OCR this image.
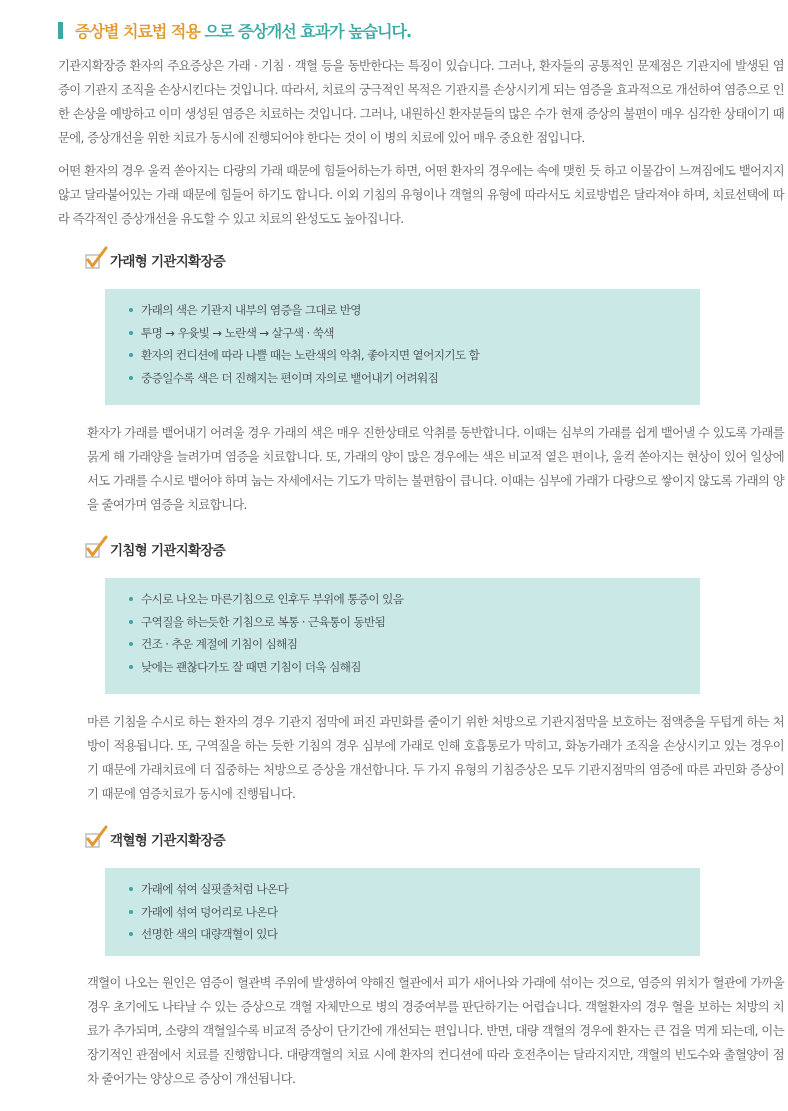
증상별 치료법 적용 으로 증상개선 효과가 높습니다.

기관지확장증 환자의 주요증상은 가래 · 기침 · 객혈 등을 동반한다는 특징이 있습니다. 그러나, 환자들의 공통적인 문제점은 기관지에 발생된 염증이 기관지 조직을 손상시킨다는 것입니다. 따라서, 치료의 궁극적인 목적은 기관지를 손상시키게 되는 염증을 효과적으로 개선하여 염증으로 인한 손상을 예방하고 이미 생성된 염증은 치료하는 것입니다. 그러나, 내원하신 환자분들의 많은 수가 현재 증상의 불편이 매우 심각한 상태이기 때문에, 증상개선을 위한 치료가 동시에 진행되어야 한다는 것이 이 병의 치료에 있어 매우 중요한 점입니다.

어떤 환자의 경우 울컥 쏟아지는 다량의 가래 때문에 힘들어하는가 하면, 어떤 환자의 경우에는 속에 맺힌 듯 하고 이물감이 느껴짐에도 뱉어지지 않고 달라붙어있는 가래 때문에 힘들어 하기도 합니다. 이외 기침의 유형이나 객혈의 유형에 따라서도 치료방법은 달라져야 하며, 치료선택에 따라 즉각적인 증상개선을 유도할 수 있고 치료의 완성도도 높아집니다.

가래형 기관지확장증
가래의 색은 기관지 내부의 염증을 그대로 반영
투명 → 우윳빛 → 노란색 → 살구색 · 쑥색
환자의 컨디션에 따라 나쁠 때는 노란색의 악취, 좋아지면 옅어지기도 함
중증일수록 색은 더 진해지는 편이며 자의로 뱉어내기 어려워짐

환자가 가래를 뱉어내기 어려울 경우 가래의 색은 매우 진한상태로 악취를 동반합니다. 이때는 심부의 가래를 쉽게 뱉어낼 수 있도록 가래를 묽게 해 가래양을 늘려가며 염증을 치료합니다. 또, 가래의 양이 많은 경우에는 색은 비교적 옅은 편이나, 울컥 쏟아지는 현상이 있어 일상에서도 가래를 수시로 뱉어야 하며 눕는 자세에서는 기도가 막히는 불편함이 큽니다. 이때는 심부에 가래가 다량으로 쌓이지 않도록 가래의 양을 줄여가며 염증을 치료합니다.

기침형 기관지확장증
수시로 나오는 마른기침으로 인후두 부위에 통증이 있음
구역질을 하는듯한 기침으로 복통 · 근육통이 동반됨
건조 · 추운 계절에 기침이 심해짐
낮에는 괜찮다가도 잘 때면 기침이 더욱 심해짐

마른 기침을 수시로 하는 환자의 경우 기관지 점막에 퍼진 과민화를 줄이기 위한 처방으로 기관지점막을 보호하는 점액층을 두텁게 하는 처방이 적용됩니다. 또, 구역질을 하는 듯한 기침의 경우 심부에 가래로 인해 호흡통로가 막히고, 화농가래가 조직을 손상시키고 있는 경우이기 때문에 가래치료에 더 집중하는 처방으로 증상을 개선합니다. 두 가지 유형의 기침증상은 모두 기관지점막의 염증에 따른 과민화 증상이기 때문에 염증치료가 동시에 진행됩니다.

객혈형 기관지확장증
가래에 섞여 실핏줄처럼 나온다
가래에 섞여 덩어리로 나온다
선명한 색의 대량객혈이 있다

객혈이 나오는 원인은 염증이 혈관벽 주위에 발생하여 약해진 혈관에서 피가 새어나와 가래에 섞이는 것으로, 염증의 위치가 혈관에 가까울 경우 초기에도 나타날 수 있는 증상으로 객혈 자체만으로 병의 경중여부를 판단하기는 어렵습니다. 객혈환자의 경우 혈을 보하는 처방의 치료가 추가되며, 소량의 객혈일수록 비교적 증상이 단기간에 개선되는 편입니다. 반면, 대량 객혈의 경우에 환자는 큰 겁을 먹게 되는데, 이는 장기적인 관점에서 치료를 진행합니다. 대량객혈의 치료 시에 환자의 컨디션에 따라 호전추이는 달라지지만, 객혈의 빈도수와 출혈양이 점차 줄어가는 양상으로 증상이 개선됩니다.
